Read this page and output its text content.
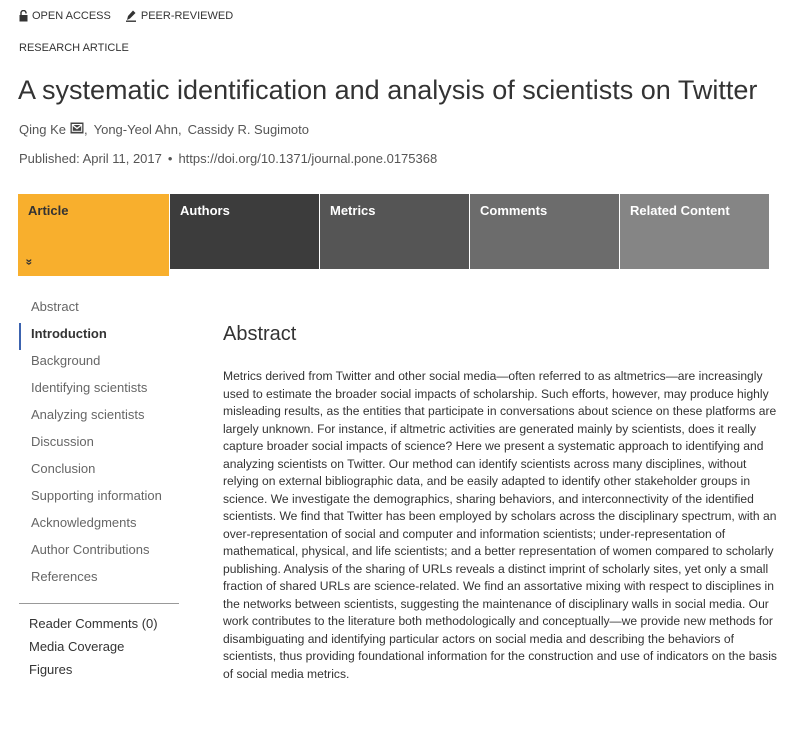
OPEN ACCESS	PEER-REVIEWED
RESEARCH ARTICLE
A systematic identification and analysis of scientists on Twitter
Qing Ke , Yong-Yeol Ahn , Cassidy R. Sugimoto
Published: April 11, 2017 • https://doi.org/10.1371/journal.pone.0175368
Article
»
Authors	Metrics	Comments	Related Content
Abstract
Introduction
Background
Identifying scientists
Analyzing scientists
Discussion
Conclusion
Supporting information
Acknowledgments
Author Contributions
References
Reader Comments (0)
Media Coverage
Figures
Abstract

Metrics derived from Twitter and other social media—often referred to as altmetrics—are increasingly used to estimate the broader social impacts of scholarship. Such efforts, however, may produce highly misleading results, as the entities that participate in conversations about science on these platforms are largely unknown. For instance, if altmetric activities are generated mainly by scientists, does it really capture broader social impacts of science? Here we present a systematic approach to identifying and analyzing scientists on Twitter. Our method can identify scientists across many disciplines, without relying on external bibliographic data, and be easily adapted to identify other stakeholder groups in science. We investigate the demographics, sharing behaviors, and interconnectivity of the identified scientists. We find that Twitter has been employed by scholars across the disciplinary spectrum, with an over-representation of social and computer and information scientists; under-representation of mathematical, physical, and life scientists; and a better representation of women compared to scholarly publishing. Analysis of the sharing of URLs reveals a distinct imprint of scholarly sites, yet only a small fraction of shared URLs are science-related. We find an assortative mixing with respect to disciplines in the networks between scientists, suggesting the maintenance of disciplinary walls in social media. Our work contributes to the literature both methodologically and conceptually—we provide new methods for disambiguating and identifying particular actors on social media and describing the behaviors of scientists, thus providing foundational information for the construction and use of indicators on the basis of social media metrics.
